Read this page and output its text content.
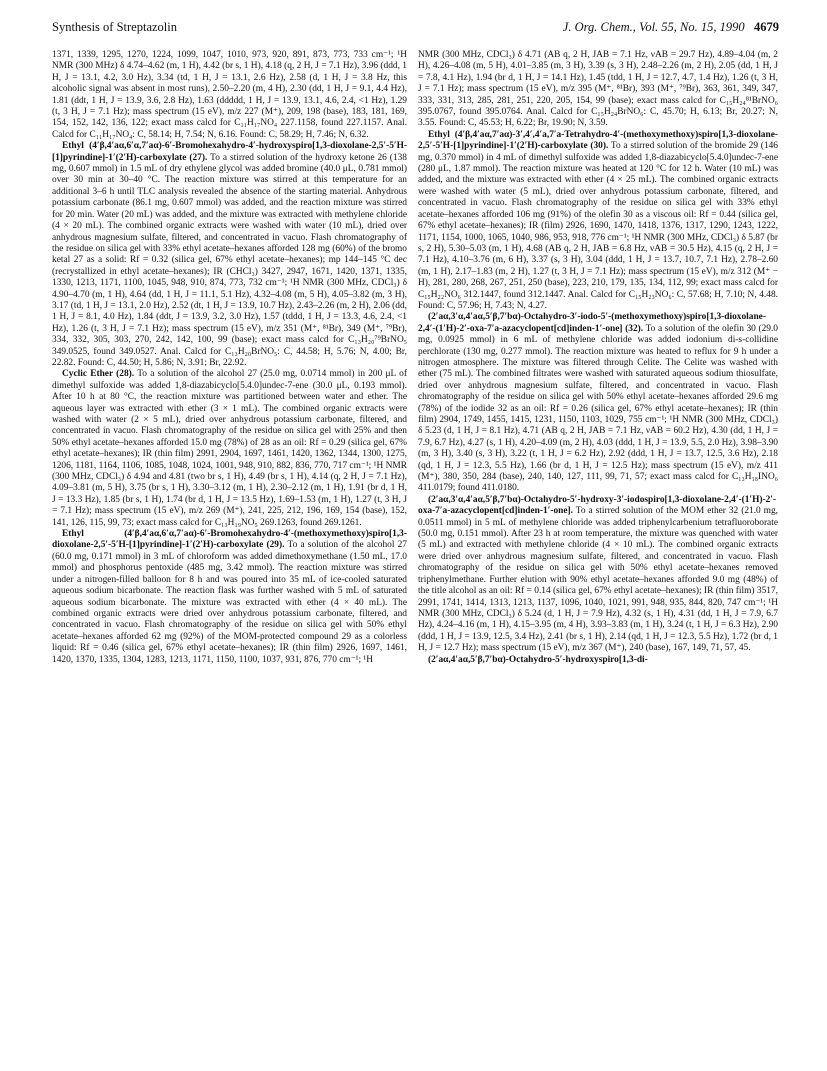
Synthesis of Streptazolin	J. Org. Chem., Vol. 55, No. 15, 1990 4679

1371, 1339, 1295, 1270, 1224, 1099, 1047, 1010, 973, 920, 891, 873, 773, 733 cm⁻¹; ¹H NMR (300 MHz) δ 4.74–4.62 (m, 1 H), 4.42 (br s, 1 H), 4.18 (q, 2 H, J = 7.1 Hz), 3.96 (ddd, 1 H, J = 13.1, 4.2, 3.0 Hz), 3.34 (td, 1 H, J = 13.1, 2.6 Hz), 2.58 (d, 1 H, J = 3.8 Hz, this alcoholic signal was absent in most runs), 2.50–2.20 (m, 4 H), 2.30 (dd, 1 H, J = 9.1, 4.4 Hz), 1.81 (ddt, 1 H, J = 13.9, 3.6, 2.8 Hz), 1.63 (ddddd, 1 H, J = 13.9, 13.1, 4.6, 2.4, <1 Hz), 1.29 (t, 3 H, J = 7.1 Hz); mass spectrum (15 eV), m/z 227 (M⁺), 209, 198 (base), 183, 181, 169, 154, 152, 142, 136, 122; exact mass calcd for C₁₁H₁₇NO₄ 227.1158, found 227.1157. Anal. Calcd for C₁₁H₁₇NO₄: C, 58.14; H, 7.54; N, 6.16. Found: C, 58.29; H, 7.46; N, 6.32.

Ethyl (4′β,4′aα,6′α,7′aα)-6′-Bromohexahydro-4′-hydroxyspiro[1,3-dioxolane-2,5′-5′H-[1]pyrindine]-1′(2′H)-carboxylate (27). To a stirred solution of the hydroxy ketone 26 (138 mg, 0.607 mmol) in 1.5 mL of dry ethylene glycol was added bromine (40.0 μL, 0.781 mmol) over 30 min at 30–40 °C. The reaction mixture was stirred at this temperature for an additional 3–6 h until TLC analysis revealed the absence of the starting material. Anhydrous potassium carbonate (86.1 mg, 0.607 mmol) was added, and the reaction mixture was stirred for 20 min. Water (20 mL) was added, and the mixture was extracted with methylene chloride (4 × 20 mL). The combined organic extracts were washed with water (10 mL), dried over anhydrous magnesium sulfate, filtered, and concentrated in vacuo. Flash chromatography of the residue on silica gel with 33% ethyl acetate–hexanes afforded 128 mg (60%) of the bromo ketal 27 as a solid: Rf = 0.32 (silica gel, 67% ethyl acetate–hexanes); mp 144–145 °C dec (recrystallized in ethyl acetate–hexanes); IR (CHCl₃) 3427, 2947, 1671, 1420, 1371, 1335, 1330, 1213, 1171, 1100, 1045, 948, 910, 874, 773, 732 cm⁻¹; ¹H NMR (300 MHz, CDCl₃) δ 4.90–4.70 (m, 1 H), 4.64 (dd, 1 H, J = 11.1, 5.1 Hz), 4.32–4.08 (m, 5 H), 4.05–3.82 (m, 3 H), 3.17 (td, 1 H, J = 13.1, 2.0 Hz), 2.52 (dt, 1 H, J = 13.9, 10.7 Hz), 2.43–2.26 (m, 2 H), 2.06 (dd, 1 H, J = 8.1, 4.0 Hz), 1.84 (ddt, J = 13.9, 3.2, 3.0 Hz), 1.57 (tddd, 1 H, J = 13.3, 4.6, 2.4, <1 Hz), 1.26 (t, 3 H, J = 7.1 Hz); mass spectrum (15 eV), m/z 351 (M⁺, ⁸¹Br), 349 (M⁺, ⁷⁹Br), 334, 332, 305, 303, 270, 242, 142, 100, 99 (base); exact mass calcd for C₁₃H₂₀⁷⁹BrNO₅ 349.0525, found 349.0527. Anal. Calcd for C₁₃H₂₀BrNO₅: C, 44.58; H, 5.76; N, 4.00; Br, 22.82. Found: C, 44.50; H, 5.86; N, 3.91; Br, 22.92.

Cyclic Ether (28). To a solution of the alcohol 27 (25.0 mg, 0.0714 mmol) in 200 μL of dimethyl sulfoxide was added 1,8-diazabicyclo[5.4.0]undec-7-ene (30.0 μL, 0.193 mmol). After 10 h at 80 °C, the reaction mixture was partitioned between water and ether. The aqueous layer was extracted with ether (3 × 1 mL). The combined organic extracts were washed with water (2 × 5 mL), dried over anhydrous potassium carbonate, filtered, and concentrated in vacuo. Flash chromatography of the residue on silica gel with 25% and then 50% ethyl acetate–hexanes afforded 15.0 mg (78%) of 28 as an oil: Rf = 0.29 (silica gel, 67% ethyl acetate–hexanes); IR (thin film) 2991, 2904, 1697, 1461, 1420, 1362, 1344, 1300, 1275, 1206, 1181, 1164, 1106, 1085, 1048, 1024, 1001, 948, 910, 882, 836, 770, 717 cm⁻¹; ¹H NMR (300 MHz, CDCl₃) δ 4.94 and 4.81 (two br s, 1 H), 4.49 (br s, 1 H), 4.14 (q, 2 H, J = 7.1 Hz), 4.09–3.81 (m, 5 H), 3.75 (br s, 1 H), 3.30–3.12 (m, 1 H), 2.30–2.12 (m, 1 H), 1.91 (br d, 1 H, J = 13.3 Hz), 1.85 (br s, 1 H), 1.74 (br d, 1 H, J = 13.5 Hz), 1.69–1.53 (m, 1 H), 1.27 (t, 3 H, J = 7.1 Hz); mass spectrum (15 eV), m/z 269 (M⁺), 241, 225, 212, 196, 169, 154 (base), 152, 141, 126, 115, 99, 73; exact mass calcd for C₁₃H₁₉NO₅ 269.1263, found 269.1261.

Ethyl (4′β,4′aα,6′α,7′aα)-6′-Bromohexahydro-4′-(methoxymethoxy)spiro[1,3-dioxolane-2,5′-5′H-[1]pyrindine]-1′(2′H)-carboxylate (29). To a solution of the alcohol 27 (60.0 mg, 0.171 mmol) in 3 mL of chloroform was added dimethoxymethane (1.50 mL, 17.0 mmol) and phosphorus pentoxide (485 mg, 3.42 mmol). The reaction mixture was stirred under a nitrogen-filled balloon for 8 h and was poured into 35 mL of ice-cooled saturated aqueous sodium bicarbonate. The reaction flask was further washed with 5 mL of saturated aqueous sodium bicarbonate. The mixture was extracted with ether (4 × 40 mL). The combined organic extracts were dried over anhydrous potassium carbonate, filtered, and concentrated in vacuo. Flash chromatography of the residue on silica gel with 50% ethyl acetate–hexanes afforded 62 mg (92%) of the MOM-protected compound 29 as a colorless liquid: Rf = 0.46 (silica gel, 67% ethyl acetate–hexanes); IR (thin film) 2926, 1697, 1461, 1420, 1370, 1335, 1304, 1283, 1213, 1171, 1150, 1100, 1037, 931, 876, 770 cm⁻¹; ¹H

NMR (300 MHz, CDCl₃) δ 4.71 (AB q, 2 H, JAB = 7.1 Hz, νAB = 29.7 Hz), 4.89–4.04 (m, 2 H), 4.26–4.08 (m, 5 H), 4.01–3.85 (m, 3 H), 3.39 (s, 3 H), 2.48–2.26 (m, 2 H), 2.05 (dd, 1 H, J = 7.8, 4.1 Hz), 1.94 (br d, 1 H, J = 14.1 Hz), 1.45 (tdd, 1 H, J = 12.7, 4.7, 1.4 Hz), 1.26 (t, 3 H, J = 7.1 Hz); mass spectrum (15 eV), m/z 395 (M⁺, ⁸¹Br), 393 (M⁺, ⁷⁹Br), 363, 361, 349, 347, 333, 331, 313, 285, 281, 251, 220, 205, 154, 99 (base); exact mass calcd for C₁₅H₂₄⁸¹BrNO₆ 395.0767, found 395.0764. Anal. Calcd for C₁₅H₂₄BrNO₆: C, 45.70; H, 6.13; Br, 20.27; N, 3.55. Found: C, 45.53; H, 6.22; Br, 19.90; N, 3.59.

Ethyl (4′β,4′aα,7′aα)-3′,4′,4′a,7′a-Tetrahydro-4′-(methoxymethoxy)spiro[1,3-dioxolane-2,5′-5′H-[1]pyrindine]-1′(2′H)-carboxylate (30). To a stirred solution of the bromide 29 (146 mg, 0.370 mmol) in 4 mL of dimethyl sulfoxide was added 1,8-diazabicyclo[5.4.0]undec-7-ene (280 μL, 1.87 mmol). The reaction mixture was heated at 120 °C for 12 h. Water (10 mL) was added, and the mixture was extracted with ether (4 × 25 mL). The combined organic extracts were washed with water (5 mL), dried over anhydrous potassium carbonate, filtered, and concentrated in vacuo. Flash chromatography of the residue on silica gel with 33% ethyl acetate–hexanes afforded 106 mg (91%) of the olefin 30 as a viscous oil: Rf = 0.44 (silica gel, 67% ethyl acetate–hexanes); IR (film) 2926, 1690, 1470, 1418, 1376, 1317, 1290, 1243, 1222, 1171, 1154, 1000, 1065, 1040, 986, 953, 918, 776 cm⁻¹; ¹H NMR (300 MHz, CDCl₃) δ 5.87 (br s, 2 H), 5.30–5.03 (m, 1 H), 4.68 (AB q, 2 H, JAB = 6.8 Hz, νAB = 30.5 Hz), 4.15 (q, 2 H, J = 7.1 Hz), 4.10–3.76 (m, 6 H), 3.37 (s, 3 H), 3.04 (ddd, 1 H, J = 13.7, 10.7, 7.1 Hz), 2.78–2.60 (m, 1 H), 2.17–1.83 (m, 2 H), 1.27 (t, 3 H, J = 7.1 Hz); mass spectrum (15 eV), m/z 312 (M⁺ − H), 281, 280, 268, 267, 251, 250 (base), 223, 210, 179, 135, 134, 112, 99; exact mass calcd for C₁₅H₂₂NO₆ 312.1447, found 312.1447. Anal. Calcd for C₁₅H₂₃NO₆: C, 57.68; H, 7.10; N, 4.48. Found: C, 57.96; H, 7.43; N, 4.27.

(2′aα,3′α,4′aα,5′β,7′bα)-Octahydro-3′-iodo-5′-(methoxymethoxy)spiro[1,3-dioxolane-2,4′-(1′H)-2′-oxa-7′a-azacyclopent[cd]inden-1′-one] (32). To a solution of the olefin 30 (29.0 mg, 0.0925 mmol) in 6 mL of methylene chloride was added iodonium di-s-collidine perchlorate (130 mg, 0.277 mmol). The reaction mixture was heated to reflux for 9 h under a nitrogen atmosphere. The mixture was filtered through Celite. The Celite was washed with ether (75 mL). The combined filtrates were washed with saturated aqueous sodium thiosulfate, dried over anhydrous magnesium sulfate, filtered, and concentrated in vacuo. Flash chromatography of the residue on silica gel with 50% ethyl acetate–hexanes afforded 29.6 mg (78%) of the iodide 32 as an oil: Rf = 0.26 (silica gel, 67% ethyl acetate–hexanes); IR (thin film) 2904, 1749, 1455, 1415, 1231, 1150, 1103, 1029, 755 cm⁻¹; ¹H NMR (300 MHz, CDCl₃) δ 5.23 (d, 1 H, J = 8.1 Hz), 4.71 (AB q, 2 H, JAB = 7.1 Hz, νAB = 60.2 Hz), 4.30 (dd, 1 H, J = 7.9, 6.7 Hz), 4.27 (s, 1 H), 4.20–4.09 (m, 2 H), 4.03 (ddd, 1 H, J = 13.9, 5.5, 2.0 Hz), 3.98–3.90 (m, 3 H), 3.40 (s, 3 H), 3.22 (t, 1 H, J = 6.2 Hz), 2.92 (ddd, 1 H, J = 13.7, 12.5, 3.6 Hz), 2.18 (qd, 1 H, J = 12.3, 5.5 Hz), 1.66 (br d, 1 H, J = 12.5 Hz); mass spectrum (15 eV), m/z 411 (M⁺), 380, 350, 284 (base), 240, 140, 127, 111, 99, 71, 57; exact mass calcd for C₁₃H₁₈INO₆ 411.0179; found 411.0180.

(2′aα,3′α,4′aα,5′β,7′bα)-Octahydro-5′-hydroxy-3′-iodospiro[1,3-dioxolane-2,4′-(1′H)-2′-oxa-7′a-azacyclopent[cd]inden-1′-one]. To a stirred solution of the MOM ether 32 (21.0 mg, 0.0511 mmol) in 5 mL of methylene chloride was added triphenylcarbenium tetrafluoroborate (50.0 mg, 0.151 mmol). After 23 h at room temperature, the mixture was quenched with water (5 mL) and extracted with methylene chloride (4 × 10 mL). The combined organic extracts were dried over anhydrous magnesium sulfate, filtered, and concentrated in vacuo. Flash chromatography of the residue on silica gel with 50% ethyl acetate–hexanes removed triphenylmethane. Further elution with 90% ethyl acetate–hexanes afforded 9.0 mg (48%) of the title alcohol as an oil: Rf = 0.14 (silica gel, 67% ethyl acetate–hexanes); IR (thin film) 3517, 2991, 1741, 1414, 1313, 1213, 1137, 1096, 1040, 1021, 991, 948, 935, 844, 820, 747 cm⁻¹; ¹H NMR (300 MHz, CDCl₃) δ 5.24 (d, 1 H, J = 7.9 Hz), 4.32 (s, 1 H), 4.31 (dd, 1 H, J = 7.9, 6.7 Hz), 4.24–4.16 (m, 1 H), 4.15–3.95 (m, 4 H), 3.93–3.83 (m, 1 H), 3.24 (t, 1 H, J = 6.3 Hz), 2.90 (ddd, 1 H, J = 13.9, 12.5, 3.4 Hz), 2.41 (br s, 1 H), 2.14 (qd, 1 H, J = 12.3, 5.5 Hz), 1.72 (br d, 1 H, J = 12.7 Hz); mass spectrum (15 eV), m/z 367 (M⁺), 240 (base), 167, 149, 71, 57, 45.

(2′aα,4′aα,5′β,7′bα)-Octahydro-5′-hydroxyspiro[1,3-di-
